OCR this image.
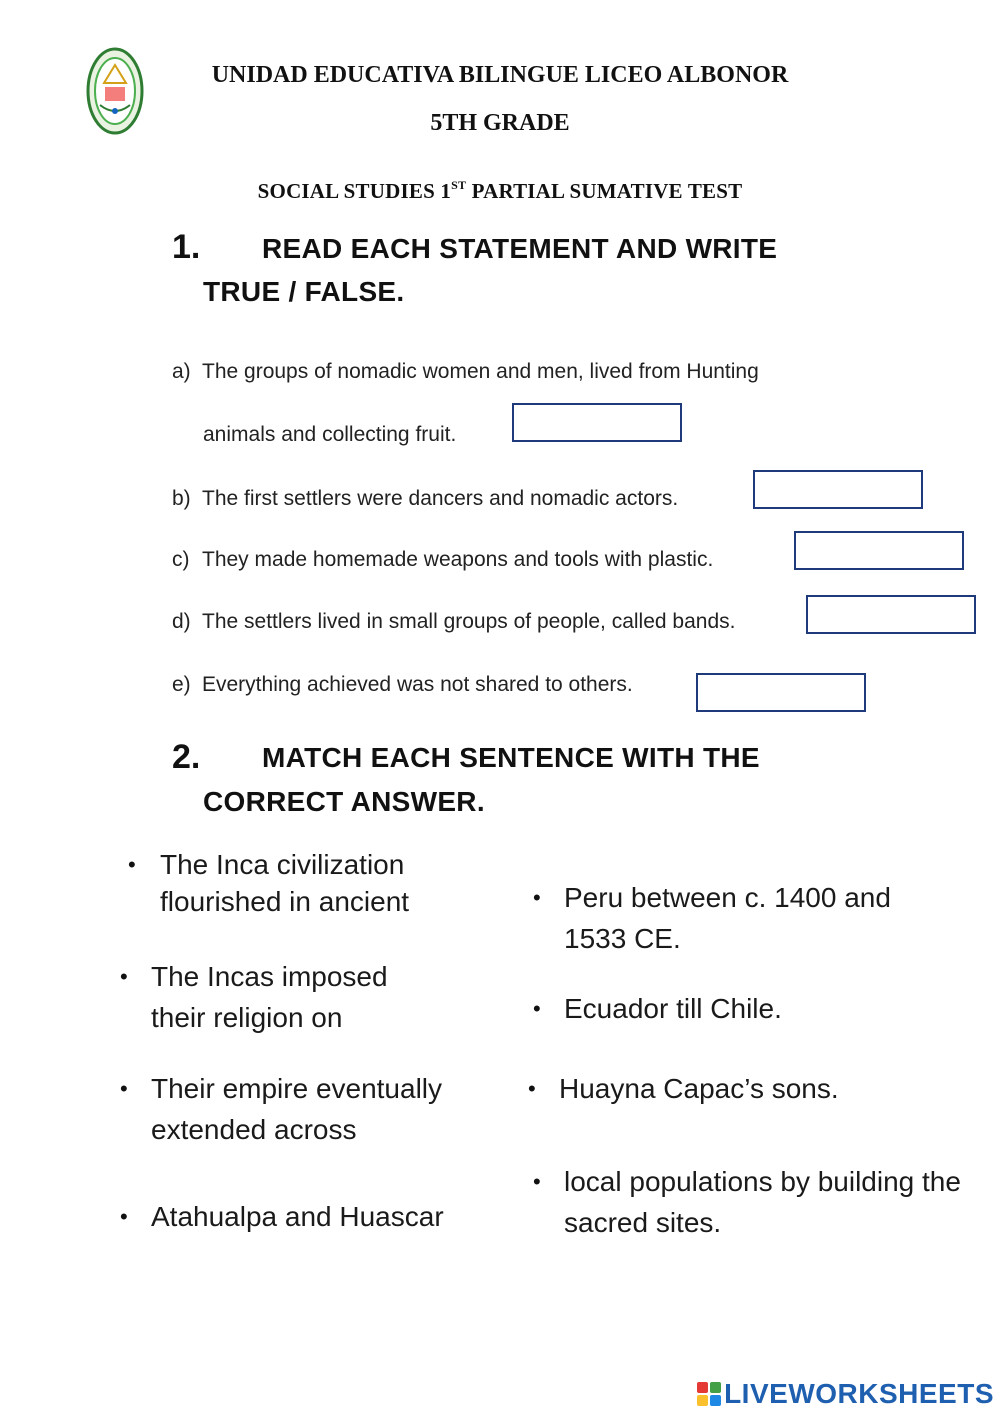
UNIDAD EDUCATIVA BILINGUE LICEO ALBONOR
5TH GRADE
SOCIAL STUDIES 1ST PARTIAL SUMATIVE TEST
1. READ EACH STATEMENT AND WRITE
TRUE / FALSE.
a) The groups of nomadic women and men, lived from Hunting
animals and collecting fruit.
b) The first settlers were dancers and nomadic actors.
c) They made homemade weapons and tools with plastic.
d) The settlers lived in small groups of people, called bands.
e) Everything achieved was not shared to others.
2. MATCH EACH SENTENCE WITH THE
CORRECT ANSWER.
• The Inca civilization
flourished in ancient
• The Incas imposed
their religion on
• Their empire eventually
extended across
• Atahualpa and Huascar
• Peru between c. 1400 and
1533 CE.
• Ecuador till Chile.
• Huayna Capac’s sons.
• local populations by building the
sacred sites.
LIVEWORKSHEETS
